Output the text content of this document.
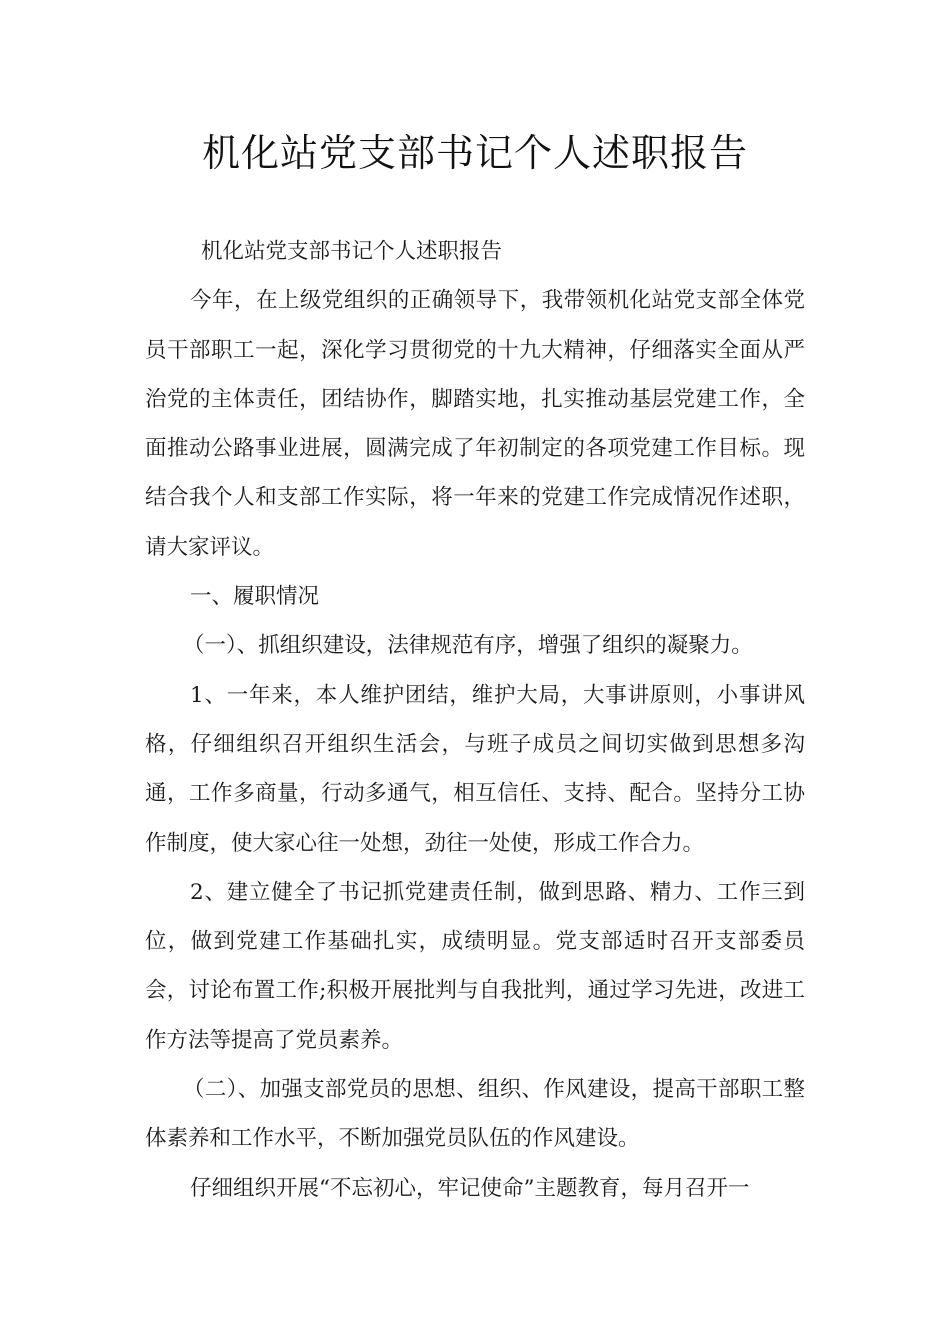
机化站党支部书记个人述职报告

机化站党支部书记个人述职报告

今年，在上级党组织的正确领导下，我带领机化站党支部全体党员干部职工一起，深化学习贯彻党的十九大精神，仔细落实全面从严治党的主体责任，团结协作，脚踏实地，扎实推动基层党建工作，全面推动公路事业进展，圆满完成了年初制定的各项党建工作目标。现结合我个人和支部工作实际，将一年来的党建工作完成情况作述职，请大家评议。

一、履职情况

（一）、抓组织建设，法律规范有序，增强了组织的凝聚力。

1、一年来，本人维护团结，维护大局，大事讲原则，小事讲风格，仔细组织召开组织生活会，与班子成员之间切实做到思想多沟通，工作多商量，行动多通气，相互信任、支持、配合。坚持分工协作制度，使大家心往一处想，劲往一处使，形成工作合力。

2、建立健全了书记抓党建责任制，做到思路、精力、工作三到位，做到党建工作基础扎实，成绩明显。党支部适时召开支部委员会，讨论布置工作;积极开展批判与自我批判，通过学习先进，改进工作方法等提高了党员素养。

（二）、加强支部党员的思想、组织、作风建设，提高干部职工整体素养和工作水平，不断加强党员队伍的作风建设。

仔细组织开展“不忘初心，牢记使命”主题教育，每月召开一
